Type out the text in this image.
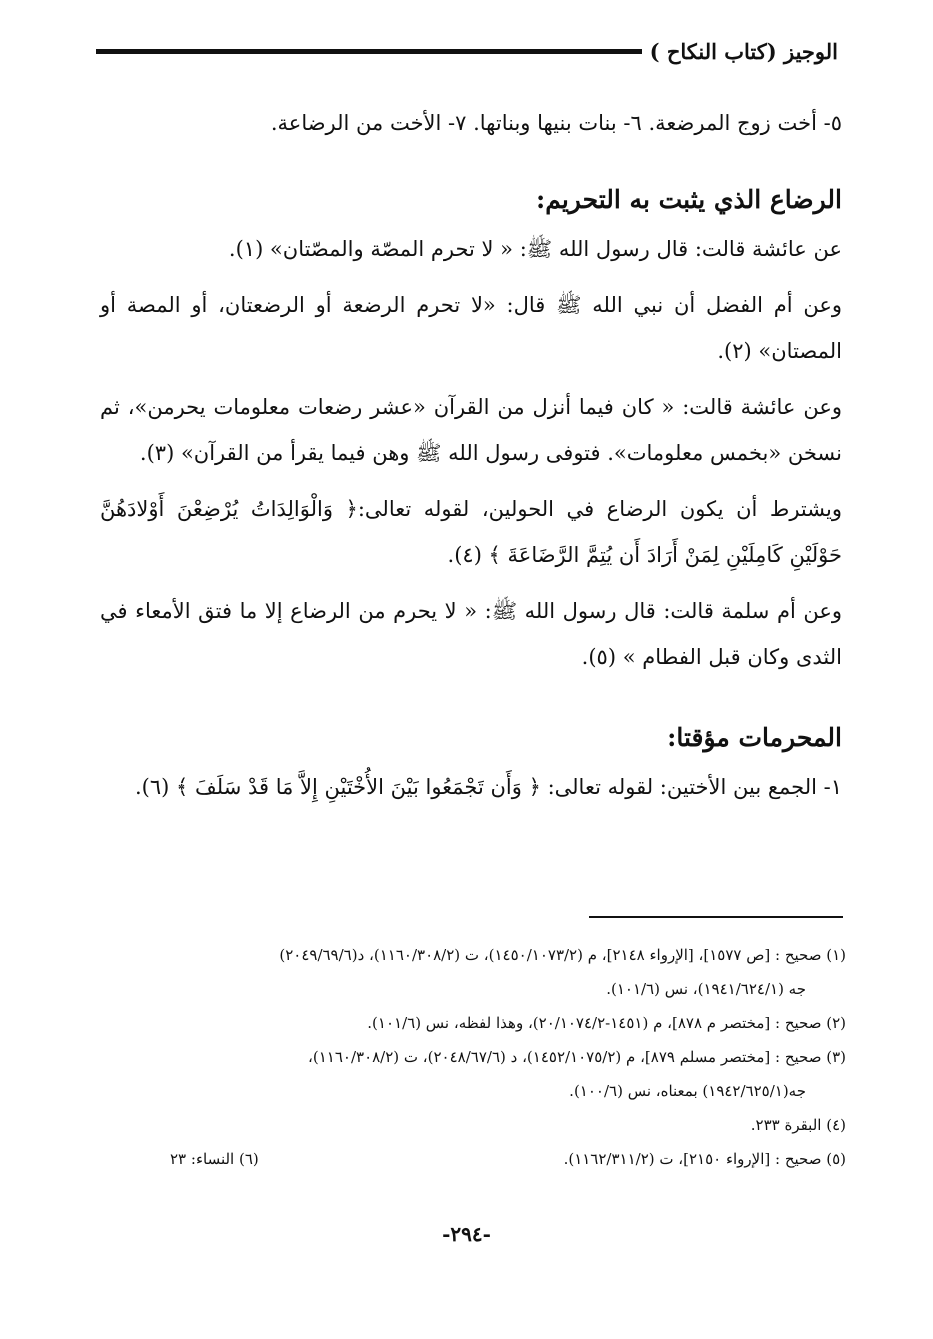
الوجيز (كتاب النكاح )

٥- أخت زوج المرضعة. ٦- بنات بنيها وبناتها. ٧- الأخت من الرضاعة.

الرضاع الذي يثبت به التحريم:

عن عائشة قالت: قال رسول الله ﷺ: « لا تحرم المصّة والمصّتان» (١).

وعن أم الفضل أن نبي الله ﷺ قال: «لا تحرم الرضعة أو الرضعتان، أو المصة أو المصتان» (٢).

وعن عائشة قالت: « كان فيما أنزل من القرآن «عشر رضعات معلومات يحرمن»، ثم نسخن «بخمس معلومات». فتوفى رسول الله ﷺ وهن فيما يقرأ من القرآن» (٣).

ويشترط أن يكون الرضاع في الحولين، لقوله تعالى:﴿ وَالْوَالِدَاتُ يُرْضِعْنَ أَوْلادَهُنَّ حَوْلَيْنِ كَامِلَيْنِ لِمَنْ أَرَادَ أَن يُتِمَّ الرَّضَاعَةَ ﴾ (٤).

وعن أم سلمة قالت: قال رسول الله ﷺ: « لا يحرم من الرضاع إلا ما فتق الأمعاء في الثدى وكان قبل الفطام » (٥).

المحرمات مؤقتا:

١- الجمع بين الأختين: لقوله تعالى: ﴿ وَأَن تَجْمَعُوا بَيْنَ الأُخْتَيْنِ إِلاَّ مَا قَدْ سَلَفَ ﴾ (٦).

(١) صحيح : [ص ١٥٧٧]، [الإرواء ٢١٤٨]، م (١٤٥٠/١٠٧٣/٢)، ت (١١٦٠/٣٠٨/٢)، د(٢٠٤٩/٦٩/٦)

جه (١٩٤١/٦٢٤/١)، نس (١٠١/٦).

(٢) صحيح : [مختصر م ٨٧٨]، م (١٤٥١-٢٠/١٠٧٤/٢)، وهذا لفظه، نس (١٠١/٦).

(٣) صحيح : [مختصر مسلم ٨٧٩]، م (١٤٥٢/١٠٧٥/٢)، د (٢٠٤٨/٦٧/٦)، ت (١١٦٠/٣٠٨/٢)،

جه(١٩٤٢/٦٢٥/١) بمعناه، نس (١٠٠/٦).

(٤) البقرة ٢٣٣.

(٥) صحيح : [الإرواء ٢١٥٠]، ت (١١٦٢/٣١١/٢).
(٦) النساء: ٢٣
-٢٩٤-
